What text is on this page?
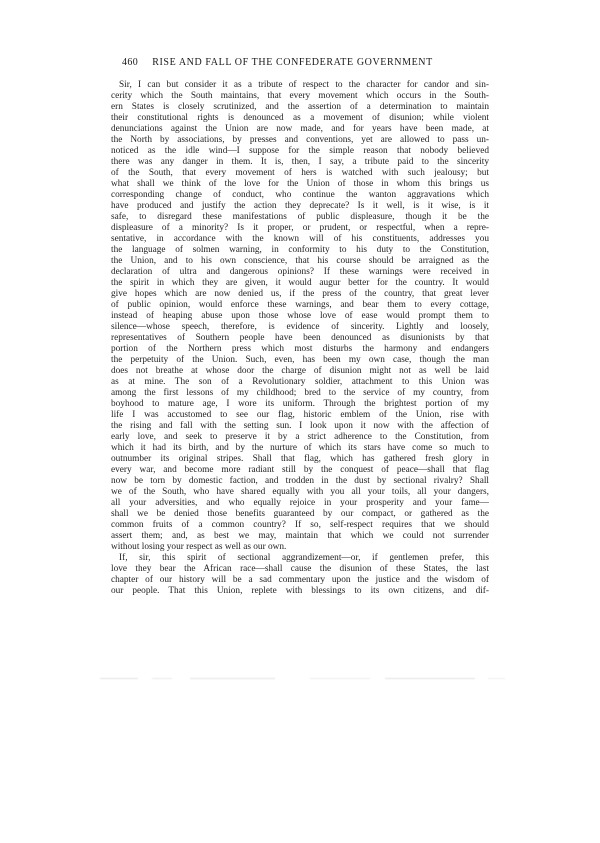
460 RISE AND FALL OF THE CONFEDERATE GOVERNMENT
Sir, I can but consider it as a tribute of respect to the character for candor and sin-
cerity which the South maintains, that every movement which occurs in the South-
ern States is closely scrutinized, and the assertion of a determination to maintain
their constitutional rights is denounced as a movement of disunion; while violent
denunciations against the Union are now made, and for years have been made, at
the North by associations, by presses and conventions, yet are allowed to pass un-
noticed as the idle wind—I suppose for the simple reason that nobody believed
there was any danger in them. It is, then, I say, a tribute paid to the sincerity
of the South, that every movement of hers is watched with such jealousy; but
what shall we think of the love for the Union of those in whom this brings us
corresponding change of conduct, who continue the wanton aggravations which
have produced and justify the action they deprecate? Is it well, is it wise, is it
safe, to disregard these manifestations of public displeasure, though it be the
displeasure of a minority? Is it proper, or prudent, or respectful, when a repre-
sentative, in accordance with the known will of his constituents, addresses you
the language of solmen warning, in conformity to his duty to the Constitution,
the Union, and to his own conscience, that his course should be arraigned as the
declaration of ultra and dangerous opinions? If these warnings were received in
the spirit in which they are given, it would augur better for the country. It would
give hopes which are now denied us, if the press of the country, that great lever
of public opinion, would enforce these warnings, and bear them to every cottage,
instead of heaping abuse upon those whose love of ease would prompt them to
silence—whose speech, therefore, is evidence of sincerity. Lightly and loosely,
representatives of Southern people have been denounced as disunionists by that
portion of the Northern press which most disturbs the harmony and endangers
the perpetuity of the Union. Such, even, has been my own case, though the man
does not breathe at whose door the charge of disunion might not as well be laid
as at mine. The son of a Revolutionary soldier, attachment to this Union was
among the first lessons of my childhood; bred to the service of my country, from
boyhood to mature age, I wore its uniform. Through the brightest portion of my
life I was accustomed to see our flag, historic emblem of the Union, rise with
the rising and fall with the setting sun. I look upon it now with the affection of
early love, and seek to preserve it by a strict adherence to the Constitution, from
which it had its birth, and by the nurture of which its stars have come so much to
outnumber its original stripes. Shall that flag, which has gathered fresh glory in
every war, and become more radiant still by the conquest of peace—shall that flag
now be torn by domestic faction, and trodden in the dust by sectional rivalry? Shall
we of the South, who have shared equally with you all your toils, all your dangers,
all your adversities, and who equally rejoice in your prosperity and your fame—
shall we be denied those benefits guaranteed by our compact, or gathered as the
common fruits of a common country? If so, self-respect requires that we should
assert them; and, as best we may, maintain that which we could not surrender
without losing your respect as well as our own.
If, sir, this spirit of sectional aggrandizement—or, if gentlemen prefer, this
love they bear the African race—shall cause the disunion of these States, the last
chapter of our history will be a sad commentary upon the justice and the wisdom of
our people. That this Union, replete with blessings to its own citizens, and dif-
